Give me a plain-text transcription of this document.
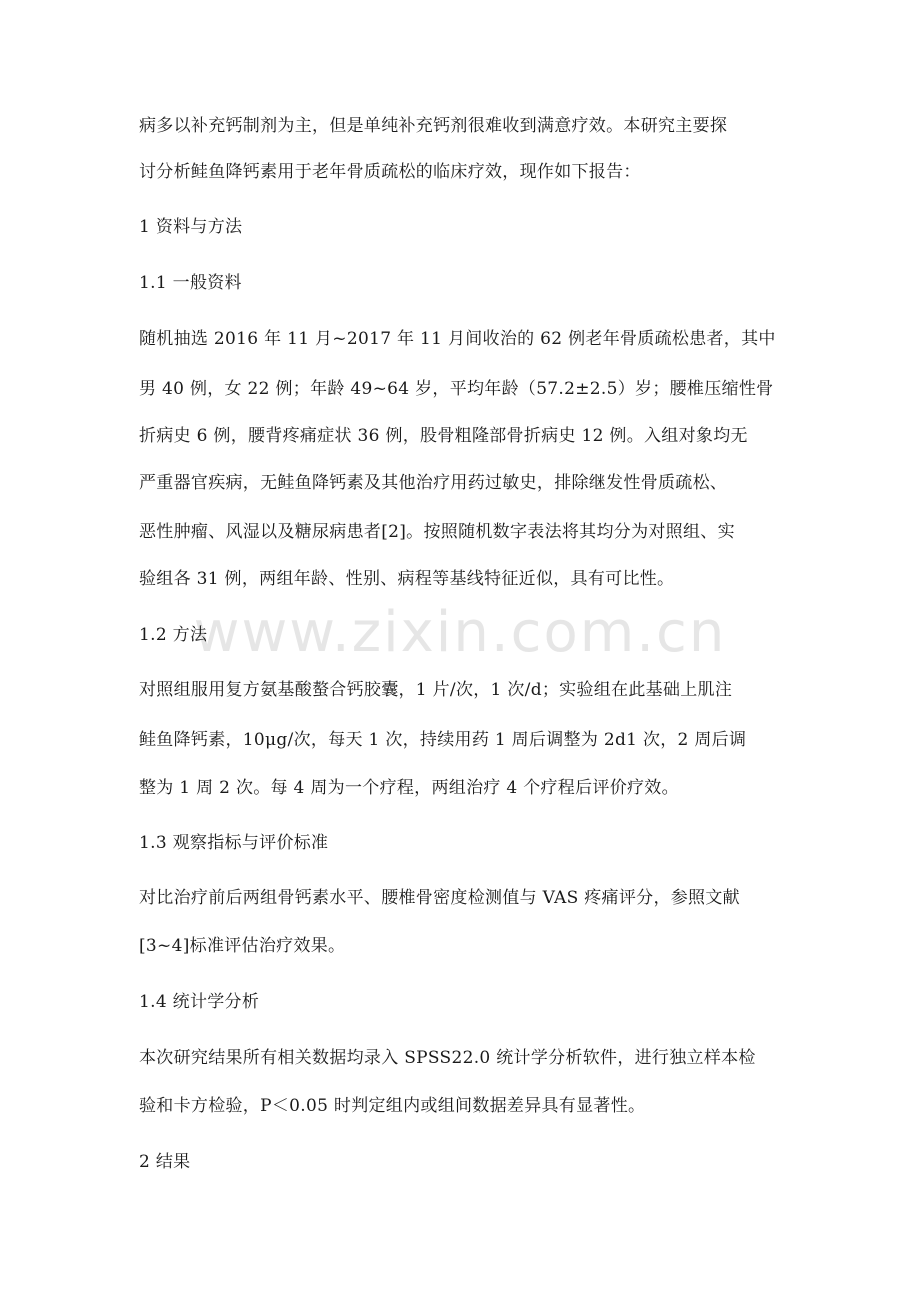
www.zixin.com.cn
病多以补充钙制剂为主，但是单纯补充钙剂很难收到满意疗效。本研究主要探
讨分析鲑鱼降钙素用于老年骨质疏松的临床疗效，现作如下报告：
1 资料与方法
1.1 一般资料
随机抽选 2016 年 11 月~2017 年 11 月间收治的 62 例老年骨质疏松患者，其中
男 40 例，女 22 例；年龄 49~64 岁，平均年龄（57.2±2.5）岁；腰椎压缩性骨
折病史 6 例，腰背疼痛症状 36 例，股骨粗隆部骨折病史 12 例。入组对象均无
严重器官疾病，无鲑鱼降钙素及其他治疗用药过敏史，排除继发性骨质疏松、
恶性肿瘤、风湿以及糖尿病患者[2]。按照随机数字表法将其均分为对照组、实
验组各 31 例，两组年龄、性别、病程等基线特征近似，具有可比性。
1.2 方法
对照组服用复方氨基酸螯合钙胶囊，1 片/次，1 次/d；实验组在此基础上肌注
鲑鱼降钙素，10μg/次，每天 1 次，持续用药 1 周后调整为 2d1 次，2 周后调
整为 1 周 2 次。每 4 周为一个疗程，两组治疗 4 个疗程后评价疗效。
1.3 观察指标与评价标准
对比治疗前后两组骨钙素水平、腰椎骨密度检测值与 VAS 疼痛评分，参照文献
[3~4]标准评估治疗效果。
1.4 统计学分析
本次研究结果所有相关数据均录入 SPSS22.0 统计学分析软件，进行独立样本检
验和卡方检验，P＜0.05 时判定组内或组间数据差异具有显著性。
2 结果
